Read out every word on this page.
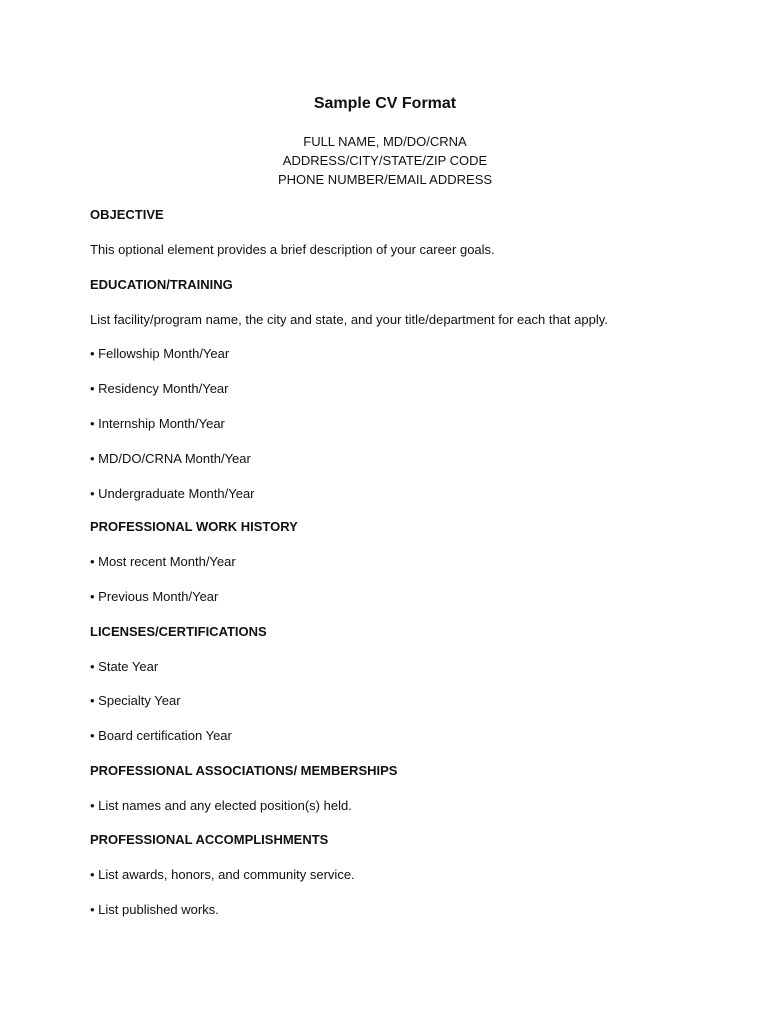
Sample CV Format
FULL NAME, MD/DO/CRNA
ADDRESS/CITY/STATE/ZIP CODE
PHONE NUMBER/EMAIL ADDRESS
OBJECTIVE
This optional element provides a brief description of your career goals.
EDUCATION/TRAINING
List facility/program name, the city and state, and your title/department for each that apply.
• Fellowship Month/Year
• Residency Month/Year
• Internship Month/Year
• MD/DO/CRNA Month/Year
• Undergraduate Month/Year
PROFESSIONAL WORK HISTORY
• Most recent Month/Year
• Previous Month/Year
LICENSES/CERTIFICATIONS
• State Year
• Specialty Year
• Board certification Year
PROFESSIONAL ASSOCIATIONS/ MEMBERSHIPS
• List names and any elected position(s) held.
PROFESSIONAL ACCOMPLISHMENTS
• List awards, honors, and community service.
• List published works.
